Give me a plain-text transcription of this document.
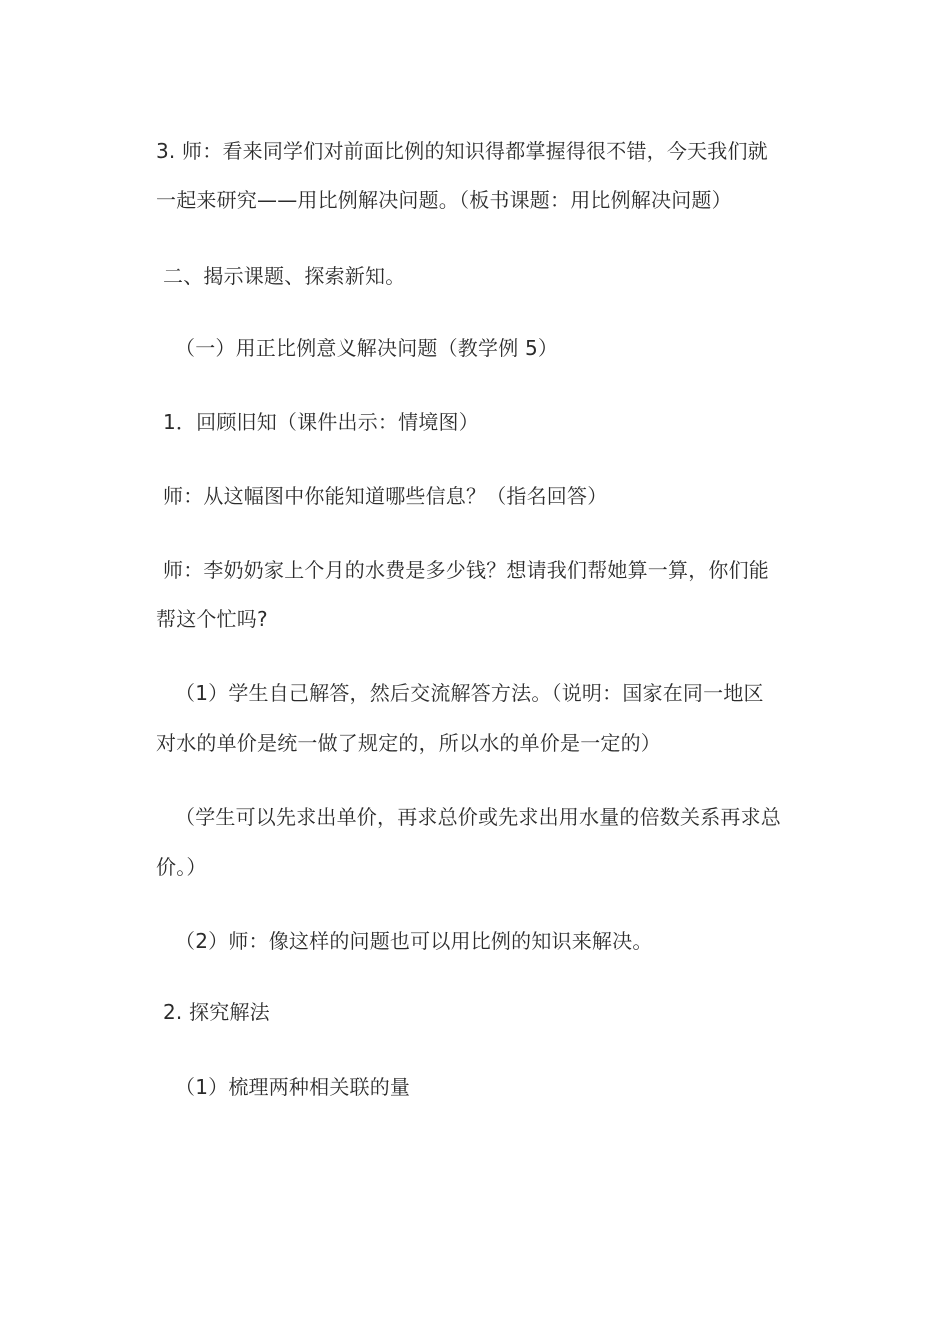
3. 师：看来同学们对前面比例的知识得都掌握得很不错，今天我们就
一起来研究——用比例解决问题。（板书课题：用比例解决问题）
二、揭示课题、探索新知。
（一）用正比例意义解决问题（教学例 5）
1．回顾旧知（课件出示：情境图）
师：从这幅图中你能知道哪些信息？（指名回答）
师：李奶奶家上个月的水费是多少钱？想请我们帮她算一算，你们能
帮这个忙吗?
（1）学生自己解答，然后交流解答方法。（说明：国家在同一地区
对水的单价是统一做了规定的，所以水的单价是一定的）
（学生可以先求出单价，再求总价或先求出用水量的倍数关系再求总
价。）
（2）师：像这样的问题也可以用比例的知识来解决。
2. 探究解法
（1）梳理两种相关联的量
